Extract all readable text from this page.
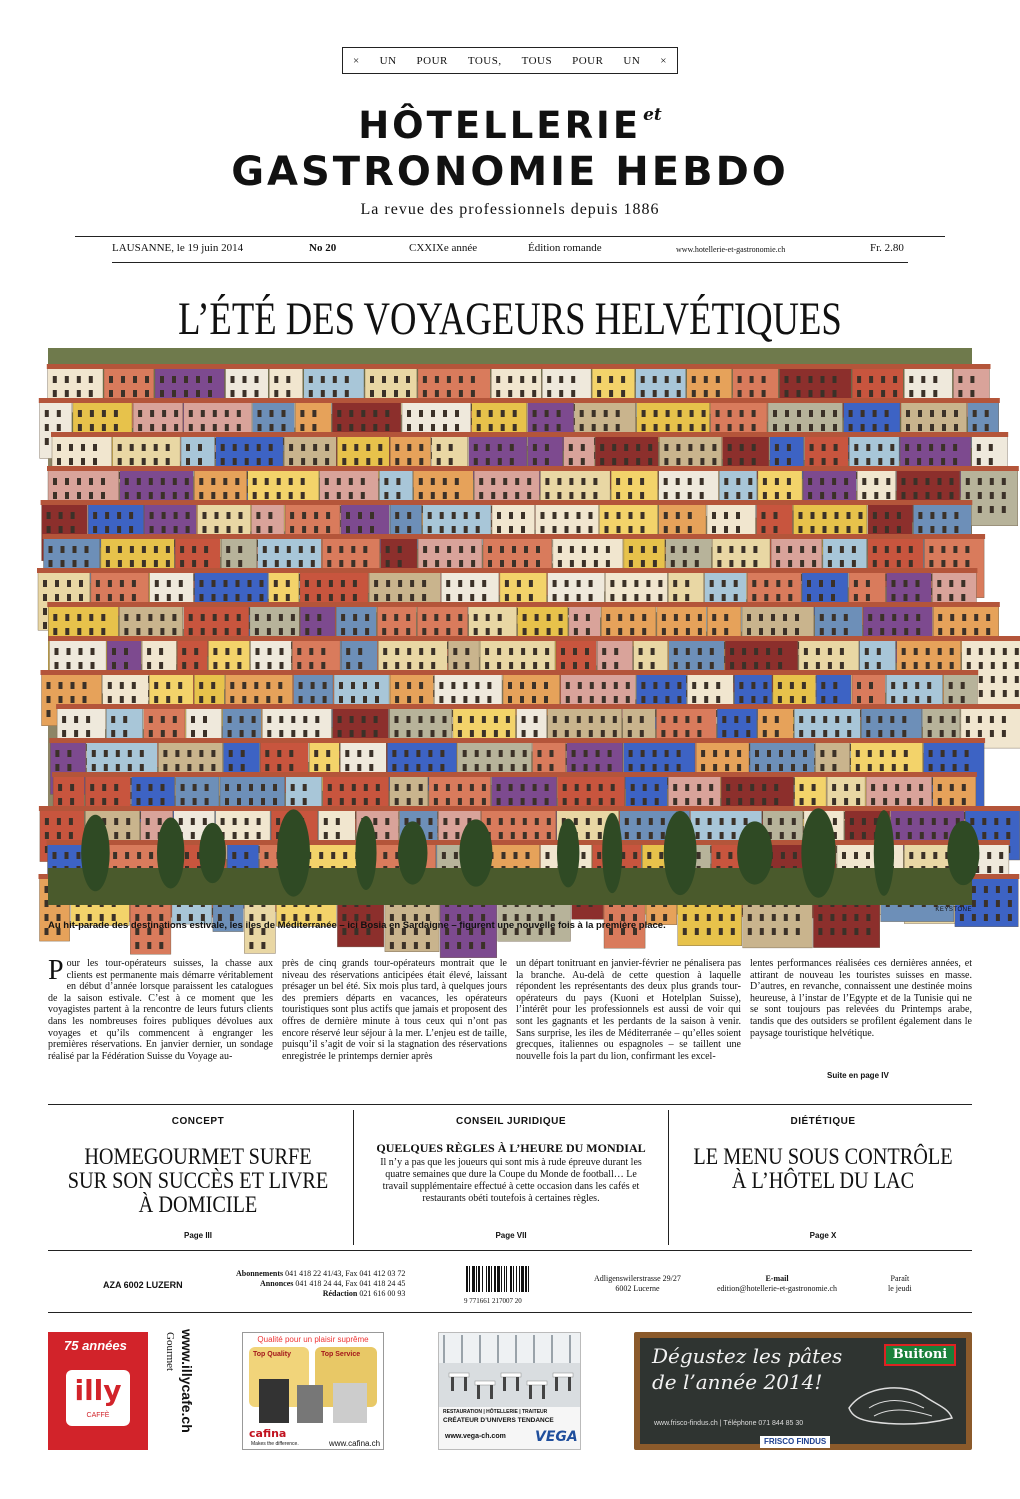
× UN POUR TOUS, TOUS POUR UN ×
HÔTELLERIE $^{et}$
GASTRONOMIE HEBDO
La revue des professionnels depuis 1886
LAUSANNE, le 19 juin 2014	No 20	CXXIXe année	Édition romande	www.hotellerie-et-gastronomie.ch	Fr. 2.80
L’ÉTÉ DES VOYAGEURS HELVÉTIQUES
KEYSTONE
Au hit-parade des destinations estivale, les iles de Méditerranée – ici Bosia en Sardaigne – figurent une nouvelle fois à la première place.
Pour les tour-opérateurs suisses, la chasse aux clients est permanente mais démarre véritablement en début d’année lorsque paraissent les catalogues de la saison estivale. C’est à ce moment que les voyagistes partent à la rencontre de leurs futurs clients dans les nombreuses foires publiques dévolues aux voyages et qu’ils commencent à engranger les premières réservations. En janvier dernier, un sondage réalisé par la Fédération Suisse du Voyage au-
près de cinq grands tour-opérateurs montrait que le niveau des réservations anticipées était élevé, laissant présager un bel été. Six mois plus tard, à quelques jours des premiers départs en vacances, les opérateurs touristiques sont plus actifs que jamais et proposent des offres de dernière minute à tous ceux qui n’ont pas encore réservé leur séjour à la mer. L’enjeu est de taille, puisqu’il s’agit de voir si la stagnation des réservations enregistrée le printemps dernier après
un départ tonitruant en janvier-février ne pénalisera pas la branche. Au-delà de cette question à laquelle répondent les représentants des deux plus grands tour-opérateurs du pays (Kuoni et Hotelplan Suisse), l’intérêt pour les professionnels est aussi de voir qui sont les gagnants et les perdants de la saison à venir. Sans surprise, les iles de Méditerranée – qu’elles soient grecques, italiennes ou espagnoles – se taillent une nouvelle fois la part du lion, confirmant les excel-
lentes performances réalisées ces dernières années, et attirant de nouveau les touristes suisses en masse. D’autres, en revanche, connaissent une destinée moins heureuse, à l’instar de l’Egypte et de la Tunisie qui ne se sont toujours pas relevées du Printemps arabe, tandis que des outsiders se profilent également dans le paysage touristique helvétique.
Suite en page IV
CONCEPT
HOMEGOURMET SURFE SUR SON SUCCÈS ET LIVRE À DOMICILE
Page III
CONSEIL JURIDIQUE
QUELQUES RÈGLES À L’HEURE DU MONDIAL
Il n’y a pas que les joueurs qui sont mis à rude épreuve durant les quatre semaines que dure la Coupe du Monde de football… Le travail supplémentaire effectué à cette occasion dans les cafés et restaurants obéti toutefois à certaines règles.
Page VII
DIÉTÉTIQUE
LE MENU SOUS CONTRÔLE À L’HÔTEL DU LAC
Page X
AZA 6002 LUZERN
Abonnements 041 418 22 41/43, Fax 041 412 03 72
Annonces 041 418 24 44, Fax 041 418 24 45
Rédaction 021 616 00 93
9 771661 217007 20
Adligenswilerstrasse 29/27
6002 Lucerne
E-mail
edition@hotellerie-et-gastronomie.ch
Paraît
le jeudi
75 années
illy
CAFFÈ	www.illycafe.ch
Gourmet	Qualité pour un plaisir suprême
Top Quality	Top Service
cafina
Makes the difference.	www.cafina.ch
RESTAURATION | HÔTELLERIE | TRAITEUR
CRÉATEUR D’UNIVERS TENDANCE
www.vega-ch.com VEGA
Dégustez les pâtes
de l’année 2014!
Buitoni
www.frisco-findus.ch | Téléphone 071 844 85 30
FRISCO FINDUS
